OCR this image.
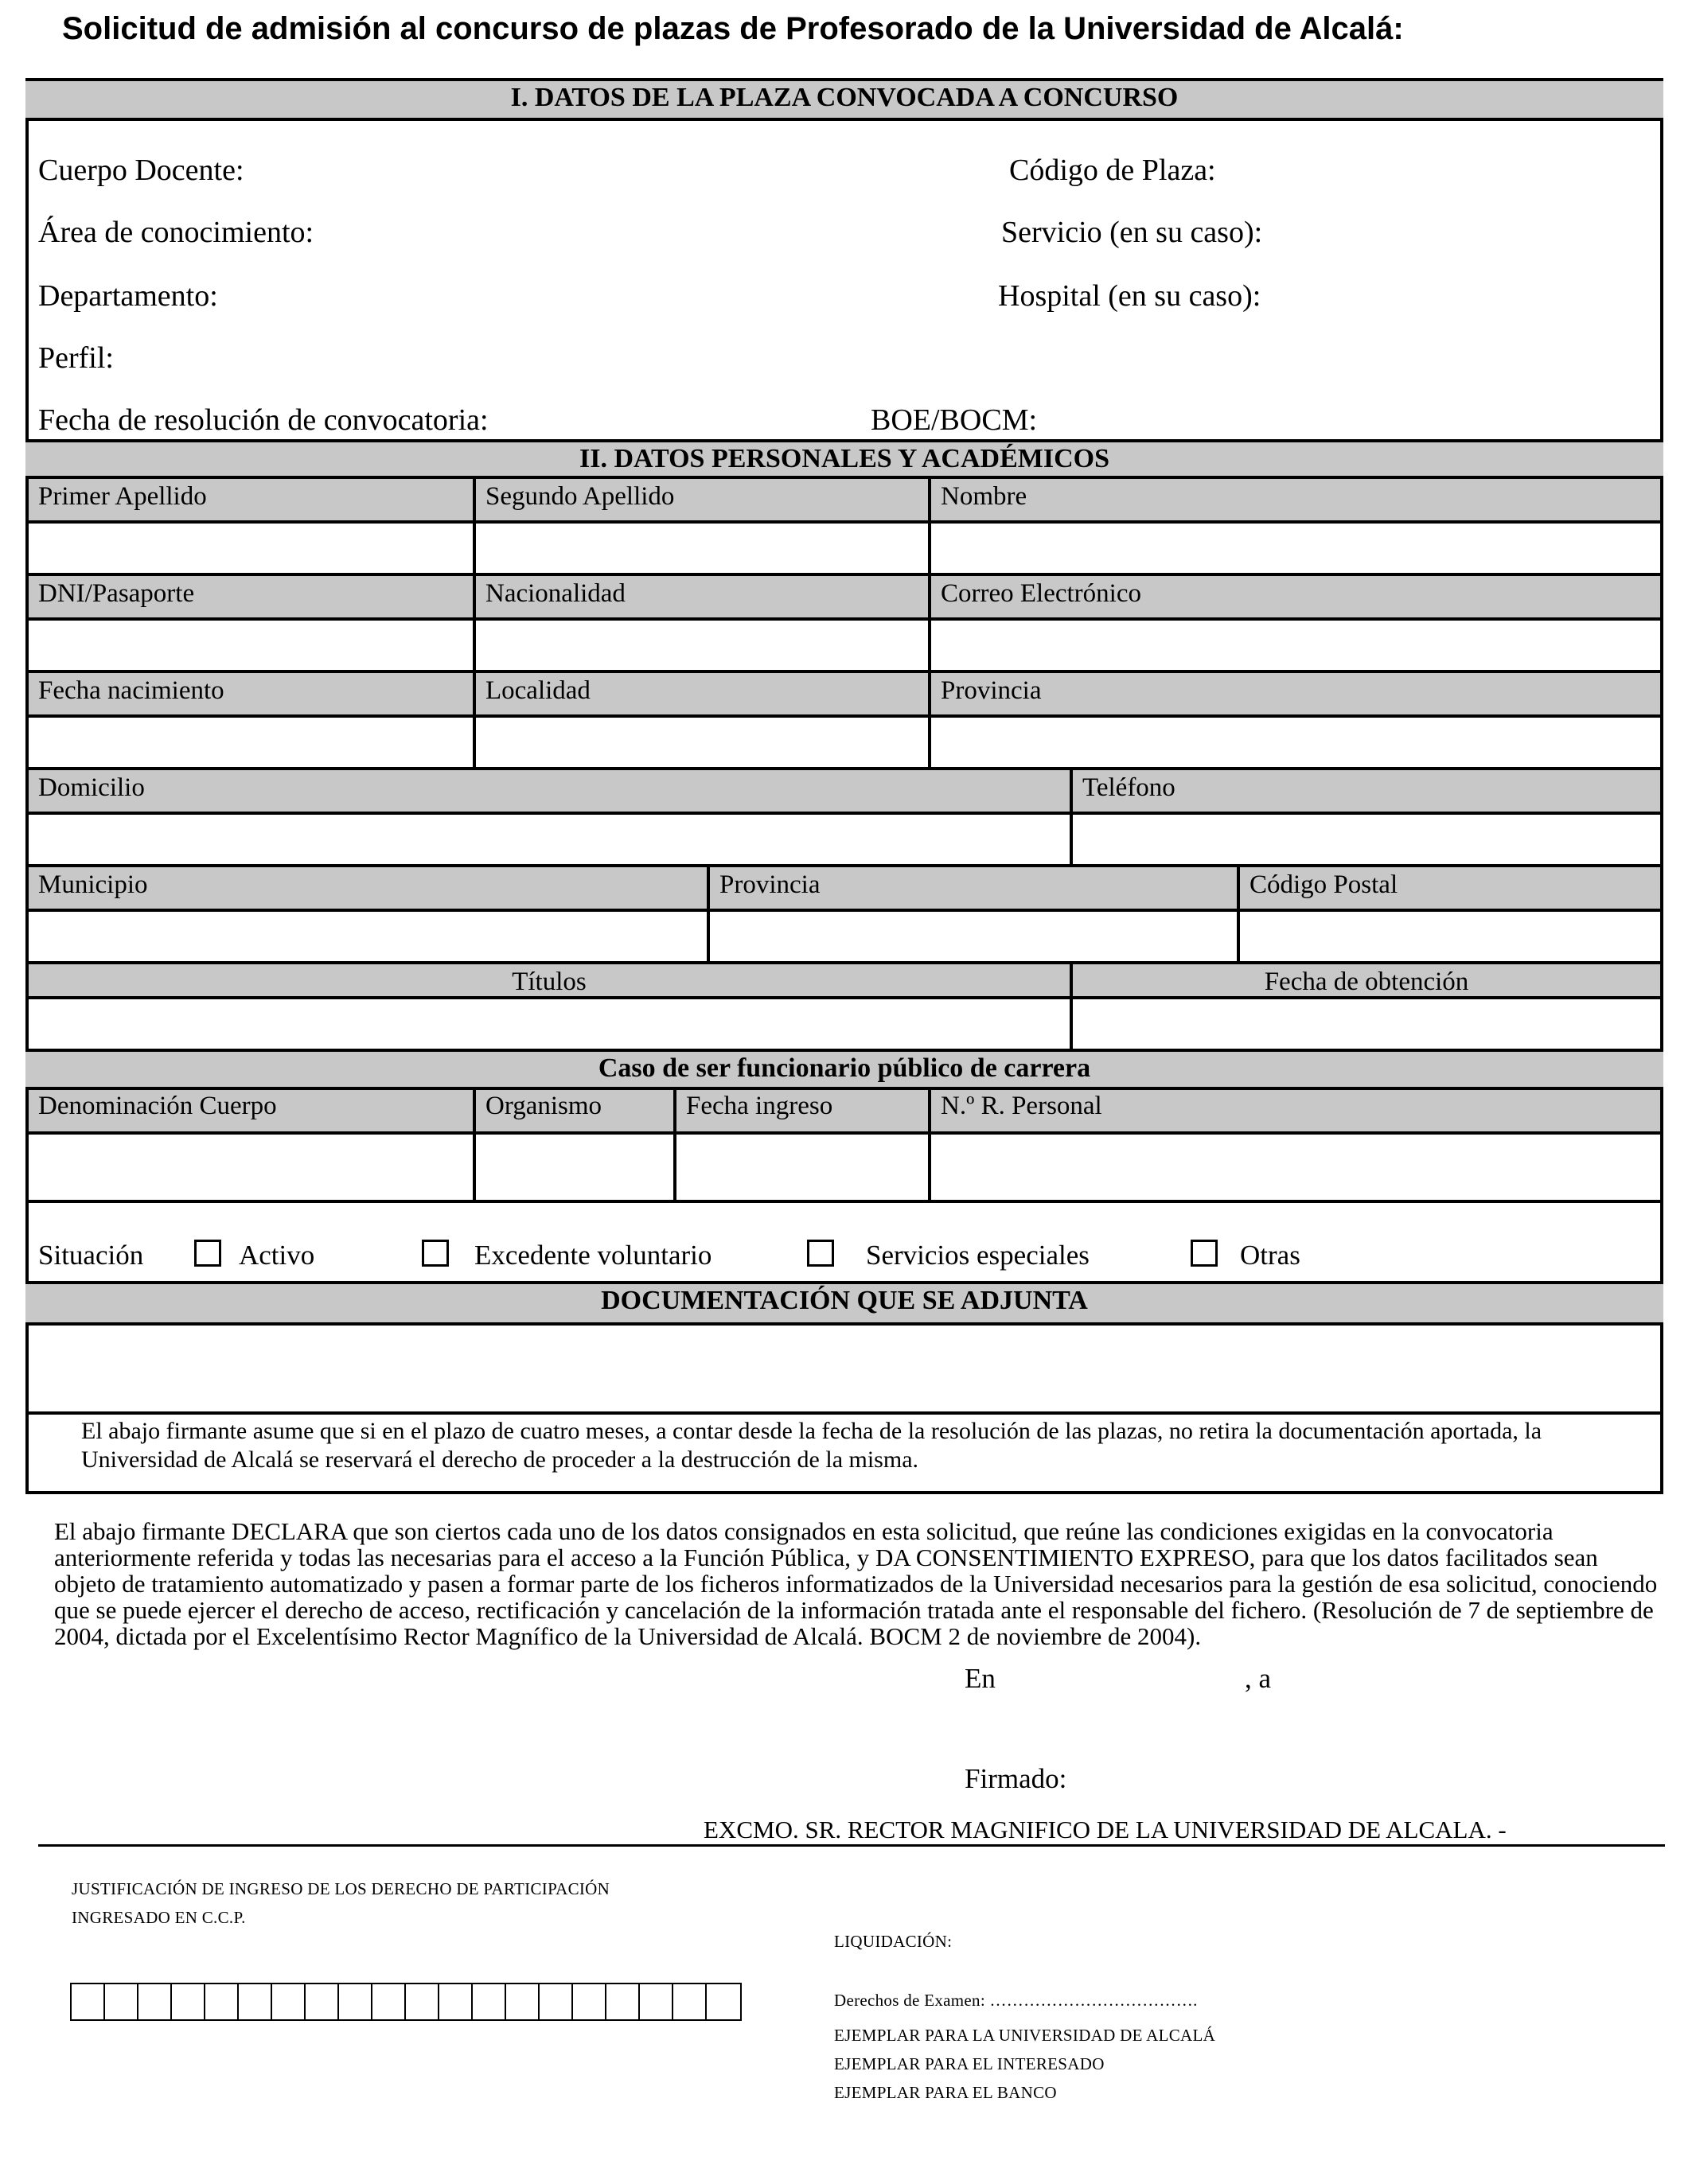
Solicitud de admisión al concurso de plazas de Profesorado de la Universidad de Alcalá:
I. DATOS DE LA PLAZA CONVOCADA A CONCURSO
Cuerpo Docente:	Código de Plaza:
Área de conocimiento:	Servicio (en su caso):
Departamento:	Hospital (en su caso):
Perfil:
Fecha de resolución de convocatoria:	BOE/BOCM:
II. DATOS PERSONALES Y ACADÉMICOS
Primer Apellido	Segundo Apellido	Nombre
DNI/Pasaporte	Nacionalidad	Correo Electrónico
Fecha nacimiento	Localidad	Provincia
Domicilio	Teléfono
Municipio	Provincia	Código Postal
Títulos	Fecha de obtención
Caso de ser funcionario público de carrera
Denominación Cuerpo	Organismo	Fecha ingreso	N.º R. Personal
Situación	Activo	Excedente voluntario	Servicios especiales	Otras
DOCUMENTACIÓN QUE SE ADJUNTA
El abajo firmante asume que si en el plazo de cuatro meses, a contar desde la fecha de la resolución de las plazas, no retira la documentación aportada, la
Universidad de Alcalá se reservará el derecho de proceder a la destrucción de la misma.
El abajo firmante DECLARA que son ciertos cada uno de los datos consignados en esta solicitud, que reúne las condiciones exigidas en la convocatoria
anteriormente referida y todas las necesarias para el acceso a la Función Pública, y DA CONSENTIMIENTO EXPRESO, para que los datos facilitados sean
objeto de tratamiento automatizado y pasen a formar parte de los ficheros informatizados de la Universidad necesarios para la gestión de esa solicitud, conociendo
que se puede ejercer el derecho de acceso, rectificación y cancelación de la información tratada ante el responsable del fichero. (Resolución de 7 de septiembre de
2004, dictada por el Excelentísimo Rector Magnífico de la Universidad de Alcalá. BOCM 2 de noviembre de 2004).
En	, a
Firmado:
EXCMO. SR. RECTOR MAGNIFICO DE LA UNIVERSIDAD DE ALCALA. -
JUSTIFICACIÓN DE INGRESO DE LOS DERECHO DE PARTICIPACIÓN
INGRESADO EN C.C.P.
LIQUIDACIÓN:
Derechos de Examen: ……………………………….
EJEMPLAR PARA LA UNIVERSIDAD DE ALCALÁ
EJEMPLAR PARA EL INTERESADO
EJEMPLAR PARA EL BANCO
